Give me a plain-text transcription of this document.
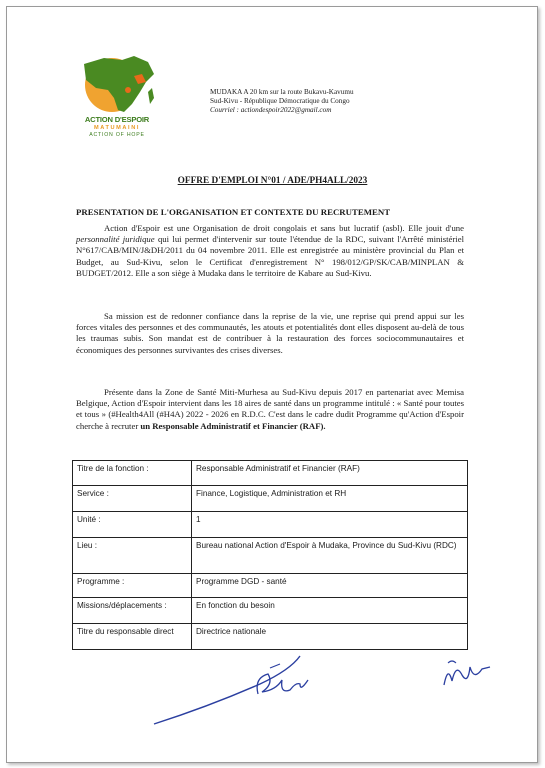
ACTION D'ESPOIR
MATUMAINI
ACTION OF HOPE
MUDAKA A 20 km sur la route Bukavu-Kavumu
Sud-Kivu - République Démocratique du Congo
Courriel : actiondespoir2022@gmail.com
OFFRE D'EMPLOI N°01 / ADE/PH4ALL/2023
PRESENTATION DE L'ORGANISATION ET CONTEXTE DU RECRUTEMENT
Action d'Espoir est une Organisation de droit congolais et sans but lucratif (asbl). Elle jouit d'une personnalité juridique qui lui permet d'intervenir sur toute l'étendue de la RDC, suivant l'Arrêté ministériel N°617/CAB/MIN/J&DH/2011 du 04 novembre 2011. Elle est enregistrée au ministère provincial du Plan et Budget, au Sud-Kivu, selon le Certificat d'enregistrement N° 198/012/GP/SK/CAB/MINPLAN & BUDGET/2012. Elle a son siège à Mudaka dans le territoire de Kabare au Sud-Kivu.
Sa mission est de redonner confiance dans la reprise de la vie, une reprise qui prend appui sur les forces vitales des personnes et des communautés, les atouts et potentialités dont elles disposent au-delà de tous les traumas subis. Son mandat est de contribuer à la restauration des forces sociocommunautaires et économiques des personnes survivantes des crises diverses.
Présente dans la Zone de Santé Miti-Murhesa au Sud-Kivu depuis 2017 en partenariat avec Memisa Belgique, Action d'Espoir intervient dans les 18 aires de santé dans un programme intitulé : « Santé pour toutes et tous » (#Health4All (#H4A) 2022 - 2026 en R.D.C. C'est dans le cadre dudit Programme qu'Action d'Espoir cherche à recruter un Responsable Administratif et Financier (RAF).
Titre de la fonction :	Responsable Administratif et Financier (RAF)
Service :	Finance, Logistique, Administration et RH
Unité :	1
Lieu :	Bureau national Action d'Espoir à Mudaka, Province du Sud-Kivu (RDC)
Programme :	Programme DGD - santé
Missions/déplacements :	En fonction du besoin
Titre du responsable direct	Directrice nationale
